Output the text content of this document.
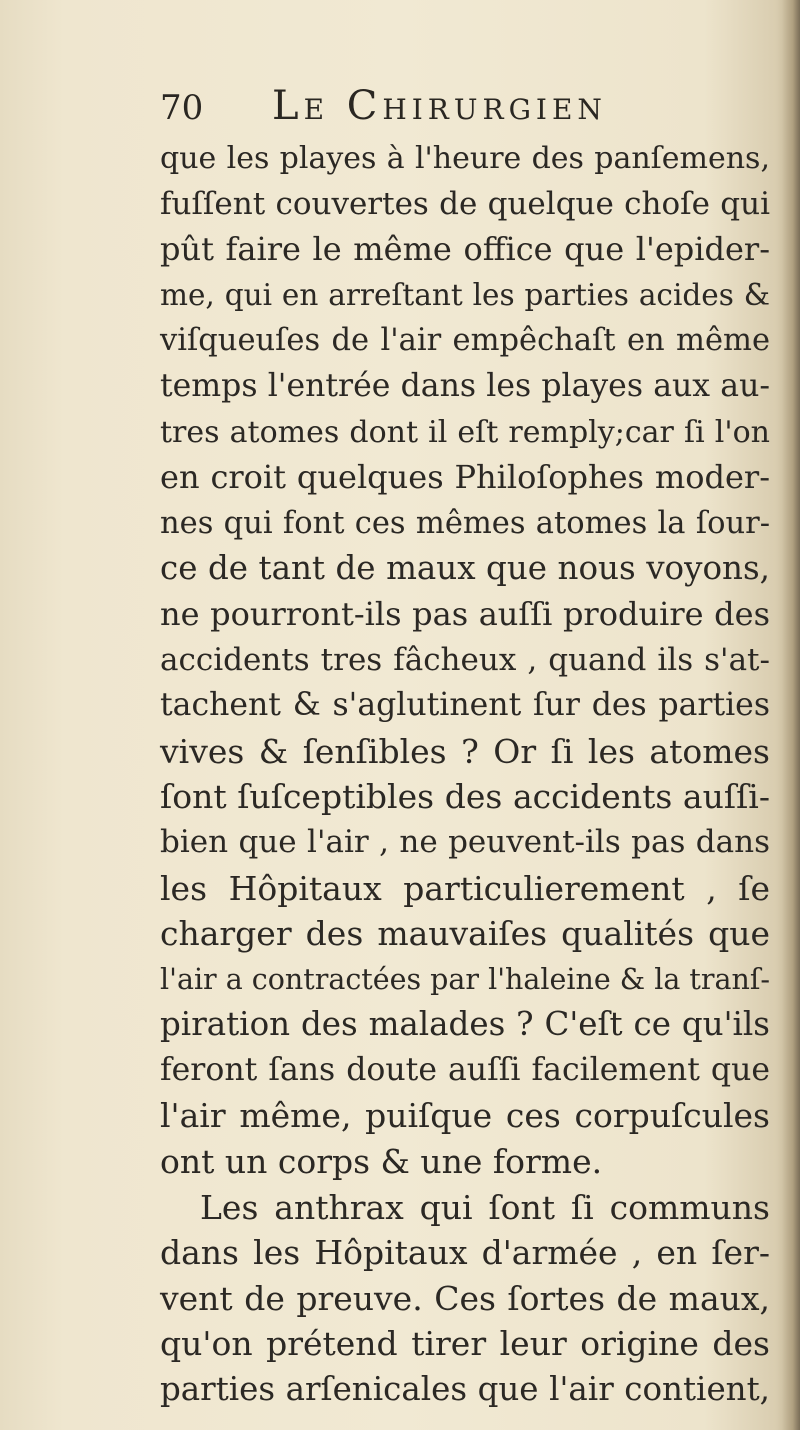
70 Le Chirurgien
que les playes à l'heure des panſemens,
fuſſent couvertes de quelque choſe qui
pût faire le même office que l'epider-
me, qui en arreſtant les parties acides &
viſqueuſes de l'air empêchaſt en même
temps l'entrée dans les playes aux au-
tres atomes dont il eſt remply;car ſi l'on
en croit quelques Philoſophes moder-
nes qui font ces mêmes atomes la ſour-
ce de tant de maux que nous voyons,
ne pourront-ils pas auſſi produire des
accidents tres fâcheux , quand ils s'at-
tachent & s'aglutinent ſur des parties
vives & ſenſibles ? Or ſi les atomes
ſont ſuſceptibles des accidents auſſi-
bien que l'air , ne peuvent-ils pas dans
les Hôpitaux particulierement , ſe
charger des mauvaiſes qualités que
l'air a contractées par l'haleine & la tranſ-
piration des malades ? C'eſt ce qu'ils
feront ſans doute auſſi facilement que
l'air même, puiſque ces corpuſcules
ont un corps & une forme.
Les anthrax qui ſont ſi communs
dans les Hôpitaux d'armée , en ſer-
vent de preuve. Ces ſortes de maux,
qu'on prétend tirer leur origine des
parties arſenicales que l'air contient,
